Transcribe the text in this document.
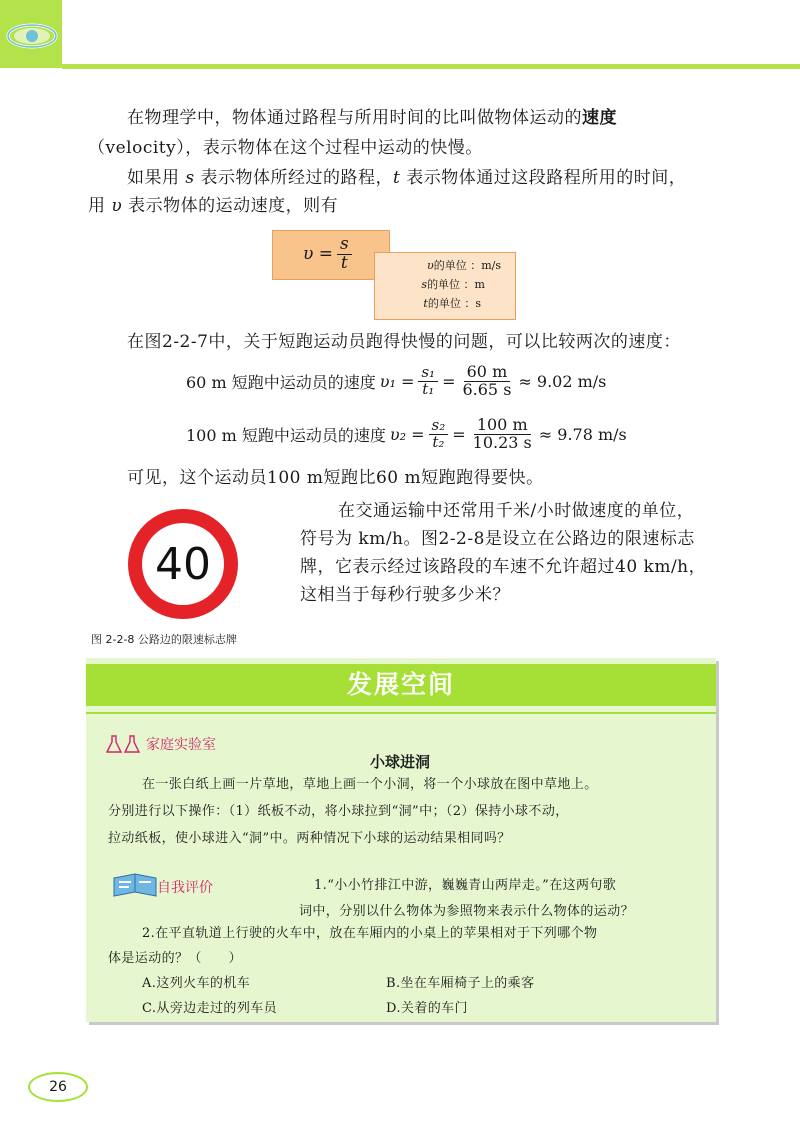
在物理学中，物体通过路程与所用时间的比叫做物体运动的速度
（velocity），表示物体在这个过程中运动的快慢。
如果用 s 表示物体所经过的路程，t 表示物体通过这段路程所用的时间，
用 υ 表示物体的运动速度，则有
$\upsilon = \frac{s}{t}$	υ的单位 ：m/s
s的单位 ：m
t的单位 ：s
在图2-2-7中，关于短跑运动员跑得快慢的问题，可以比较两次的速度：
60 m 短跑中运动员的速度 $\upsilon_1 = \frac{\text{s₁}}{\text{t₁}} = \frac{60 m}{6.65 s} \approx 9.02$ m/s
100 m 短跑中运动员的速度 $\upsilon_2 = \frac{\text{s₂}}{\text{t₂}} = \frac{100 m}{10.23 s} \approx 9.78$ m/s
可见，这个运动员100 m短跑比60 m短跑跑得要快。
40
在交通运输中还常用千米/小时做速度的单位，
符号为 km/h。图2-2-8是设立在公路边的限速标志
牌，它表示经过该路段的车速不允许超过40 km/h，
这相当于每秒行驶多少米？
图 2-2-8 公路边的限速标志牌
发展空间
家庭实验室
小球进洞
在一张白纸上画一片草地，草地上画一个小洞，将一个小球放在图中草地上。
分别进行以下操作：（1）纸板不动，将小球拉到“洞”中；（2）保持小球不动，
拉动纸板，使小球进入“洞”中。两种情况下小球的运动结果相同吗？
自我评价	1.“小小竹排江中游，巍巍青山两岸走。”在这两句歌
词中，分别以什么物体为参照物来表示什么物体的运动？
2.在平直轨道上行驶的火车中，放在车厢内的小桌上的苹果相对于下列哪个物
体是运动的？（　　）
A.这列火车的机车	B.坐在车厢椅子上的乘客
C.从旁边走过的列车员	D.关着的车门
26
